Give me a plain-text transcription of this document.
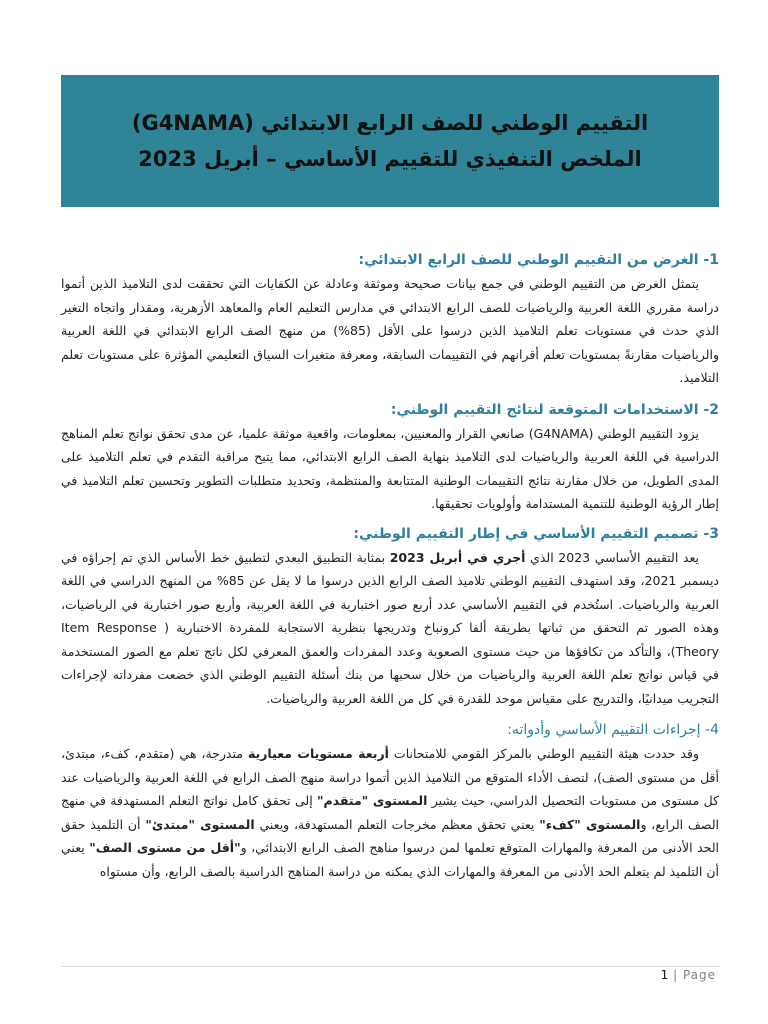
التقييم الوطني للصف الرابع الابتدائي (G4NAMA)
الملخص التنفيذي للتقييم الأساسي – أبريل 2023
1- الغرض من التقييم الوطني للصف الرابع الابتدائي:

يتمثل الغرض من التقييم الوطني في جمع بيانات صحيحة وموثقة وعادلة عن الكفايات التي تحققت لدى التلاميذ الذين أتموا دراسة مقرري اللغة العربية والرياضيات للصف الرابع الابتدائي في مدارس التعليم العام والمعاهد الأزهرية، ومقدار واتجاه التغير الذي حدث في مستويات تعلم التلاميذ الذين درسوا على الأقل (85%) من منهج الصف الرابع الابتدائي في اللغة العربية والرياضيات مقارنةً بمستويات تعلم أقرانهم في التقييمات السابقة، ومعرفة متغيرات السياق التعليمي المؤثرة على مستويات تعلم التلاميذ.

2- الاستخدامات المتوقعة لنتائج التقييم الوطني:

يزود التقييم الوطني (G4NAMA) صانعي القرار والمعنيين، بمعلومات، واقعية موثقة علميا، عن مدى تحقق نواتج تعلم المناهج الدراسية في اللغة العربية والرياضيات لدى التلاميذ بنهاية الصف الرابع الابتدائي، مما يتيح مراقبة التقدم في تعلم التلاميذ على المدى الطويل، من خلال مقارنة نتائج التقييمات الوطنية المتتابعة والمنتظمة، وتحديد متطلبات التطوير وتحسين تعلم التلاميذ في إطار الرؤية الوطنية للتنمية المستدامة وأولويات تحقيقها.

3- تصميم التقييم الأساسي في إطار التقييم الوطني:

يعد التقييم الأساسي 2023 الذي أجري في أبريل 2023 بمثابة التطبيق البعدي لتطبيق خط الأساس الذي تم إجراؤه في ديسمبر 2021، وقد استهدف التقييم الوطني تلاميذ الصف الرابع الذين درسوا ما لا يقل عن 85% من المنهج الدراسي في اللغة العربية والرياضيات. استُخدم في التقييم الأساسي عدد أربع صور اختبارية في اللغة العربية، وأربع صور اختبارية في الرياضيات، وهذه الصور تم التحقق من ثباتها بطريقة ألفا كرونباخ وتدريجها بنظرية الاستجابة للمفردة الاختبارية ( Item Response Theory)، والتأكد من تكافؤها من حيث مستوى الصعوبة وعدد المفردات والعمق المعرفي لكل ناتج تعلم مع الصور المستخدمة في قياس نواتج تعلم اللغة العربية والرياضيات من خلال سحبها من بنك أسئلة التقييم الوطني الذي خضعت مفرداته لإجراءات التجريب ميدانيًا، والتدريج على مقياس موحد للقدرة في كل من اللغة العربية والرياضيات.

4- إجراءات التقييم الأساسي وأدواته:

وقد حددت هيئة التقييم الوطني بالمركز القومي للامتحانات أربعة مستويات معيارية متدرجة، هي (متقدم، كفء، مبتدئ، أقل من مستوى الصف)، لتصف الأداء المتوقع من التلاميذ الذين أتموا دراسة منهج الصف الرابع في اللغة العربية والرياضيات عند كل مستوى من مستويات التحصيل الدراسي، حيث يشير المستوى "متقدم" إلى تحقق كامل نواتج التعلم المستهدفة في منهج الصف الرابع، والمستوى "كفء" يعني تحقق معظم مخرجات التعلم المستهدفة، ويعني المستوى "مبتدئ" أن التلميذ حقق الحد الأدنى من المعرفة والمهارات المتوقع تعلمها لمن درسوا مناهج الصف الرابع الابتدائي، و"أقل من مستوى الصف" يعني أن التلميذ لم يتعلم الحد الأدنى من المعرفة والمهارات الذي يمكنه من دراسة المناهج الدراسية بالصف الرابع، وأن مستواه

1 | Page
